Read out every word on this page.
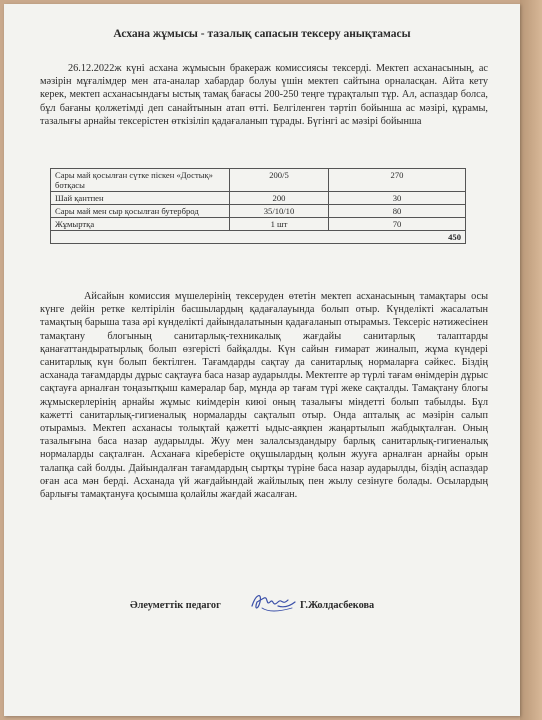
Асхана жұмысы - тазалық сапасын тексеру анықтамасы

26.12.2022ж күні асхана жұмысын бракераж комиссиясы тексерді. Мектеп асханасының, ас мәзірін мұғалімдер мен ата-аналар хабардар болуы үшін мектеп сайтына орналасқан. Айта кету керек, мектеп асханасындағы ыстық тамақ бағасы 200-250 теңге тұрақталып тұр. Ал, аспаздар болса, бұл бағаны қолжетімді деп санайтынын атап өтті. Белгіленген тәртіп бойынша ас мәзірі, құрамы, тазалығы арнайы тексерістен өткізіліп қадағаланып тұрады. Бүгінгі ас мәзірі бойынша

Сары май қосылған сүтке піскен «Достық» ботқасы	200/5	270
Шай қантпен	200	30
Сары май мен сыр қосылған бутерброд	35/10/10	80
Жұмыртқа	1 шт	70
450		

Айсайын комиссия мүшелерінің тексеруден өтетін мектеп асханасының тамақтары осы күнге дейін ретке келтірілін басшылардың қадағалауында болып отыр. Күнделікті жасалатын тамақтың барыша таза әрі күнделікті дайындалатынын қадағаланып отырамыз. Тексеріс нәтижесінен тамақтану блогының санитарлық-техникалық жағдайы санитарлық талаптарды қанағаттандыратырлық болып өзгерісті байқалды. Күн сайын ғимарат жиналып, жұма күндері санитарлық күн болып бектілген. Тағамдарды сақтау да санитарлық нормаларға сәйкес. Біздің асханада тағамдарды дұрыс сақтауға баса назар аударылды. Мектепте әр түрлі тағам өнімдерін дұрыс сақтауға арналған тоңазытқыш камералар бар, мұнда әр тағам түрі жеке сақталды. Тамақтану блогы жұмыскерлерінің арнайы жұмыс киімдерін киюі оның тазалығы міндетті болып табылды. Бұл кажетті санитарлық-гигиеналық нормаларды сақталып отыр. Онда апталық ас мәзірін салып отырамыз. Мектеп асханасы толықтай қажетті ыдыс-аяқпен жаңартылып жабдықталған. Оның тазалығына баса назар аударылды. Жуу мен залалсыздандыру барлық санитарлық-гигиеналық нормаларды сақталған. Асханаға кіреберісте оқушылардың қолын жууға арналған арнайы орын талапқа сай болды. Дайындалған тағамдардың сыртқы түріне баса назар аударылды, біздің аспаздар оған аса мән берді. Асханада үй жағдайындай жайлылық пен жылу сезінуге болады. Осылардың барлығы тамақтануға қосымша қолайлы жағдай жасалған.

Әлеуметтік педагог	Г.Жолдасбекова
